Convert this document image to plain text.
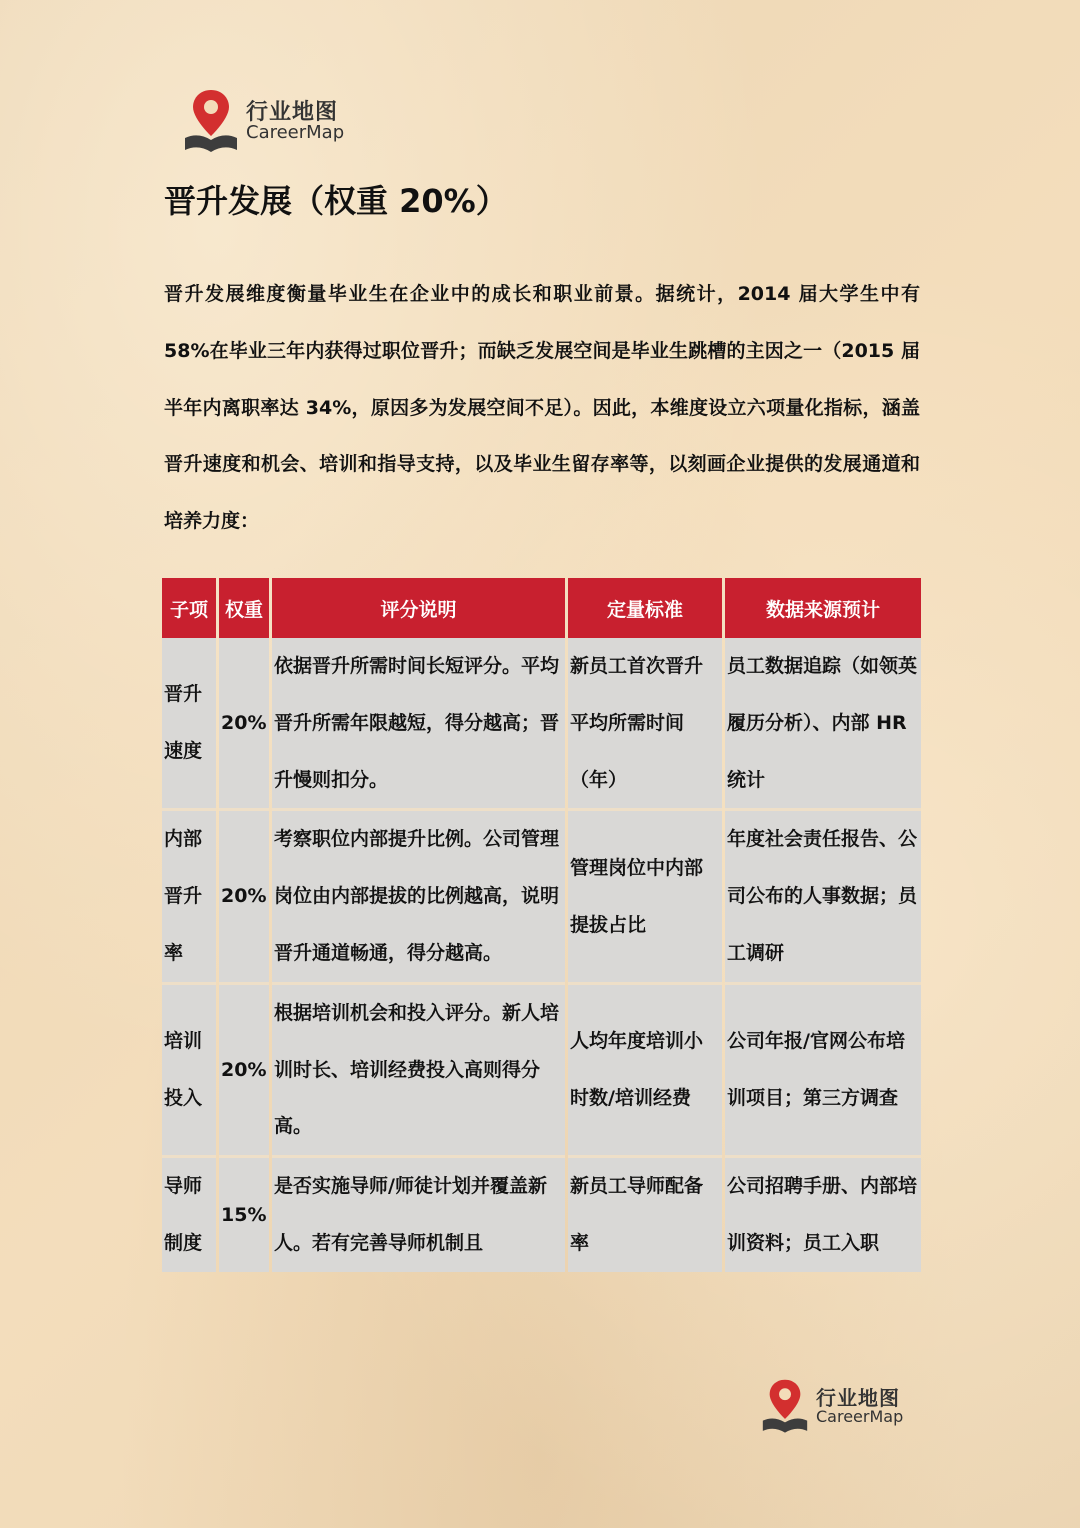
行业地图
CareerMap
晋升发展（权重 20%）

晋升发展维度衡量毕业生在企业中的成长和职业前景。据统计，2014 届大学生中有 58%在毕业三年内获得过职位晋升；而缺乏发展空间是毕业生跳槽的主因之一（2015 届半年内离职率达 34%，原因多为发展空间不足）。因此，本维度设立六项量化指标，涵盖晋升速度和机会、培训和指导支持，以及毕业生留存率等，以刻画企业提供的发展通道和培养力度：

子项	权重	评分说明	定量标准	数据来源预计
晋升速度	20%	依据晋升所需时间长短评分。平均晋升所需年限越短，得分越高；晋升慢则扣分。	新员工首次晋升平均所需时间（年）	员工数据追踪（如领英履历分析）、内部 HR 统计
内部晋升率	20%	考察职位内部提升比例。公司管理岗位由内部提拔的比例越高，说明晋升通道畅通，得分越高。	管理岗位中内部提拔占比	年度社会责任报告、公司公布的人事数据；员工调研
培训投入	20%	根据培训机会和投入评分。新人培训时长、培训经费投入高则得分高。	人均年度培训小时数/培训经费	公司年报/官网公布培训项目；第三方调查
导师制度	15%	是否实施导师/师徒计划并覆盖新人。若有完善导师机制且	新员工导师配备率	公司招聘手册、内部培训资料；员工入职
行业地图
CareerMap
